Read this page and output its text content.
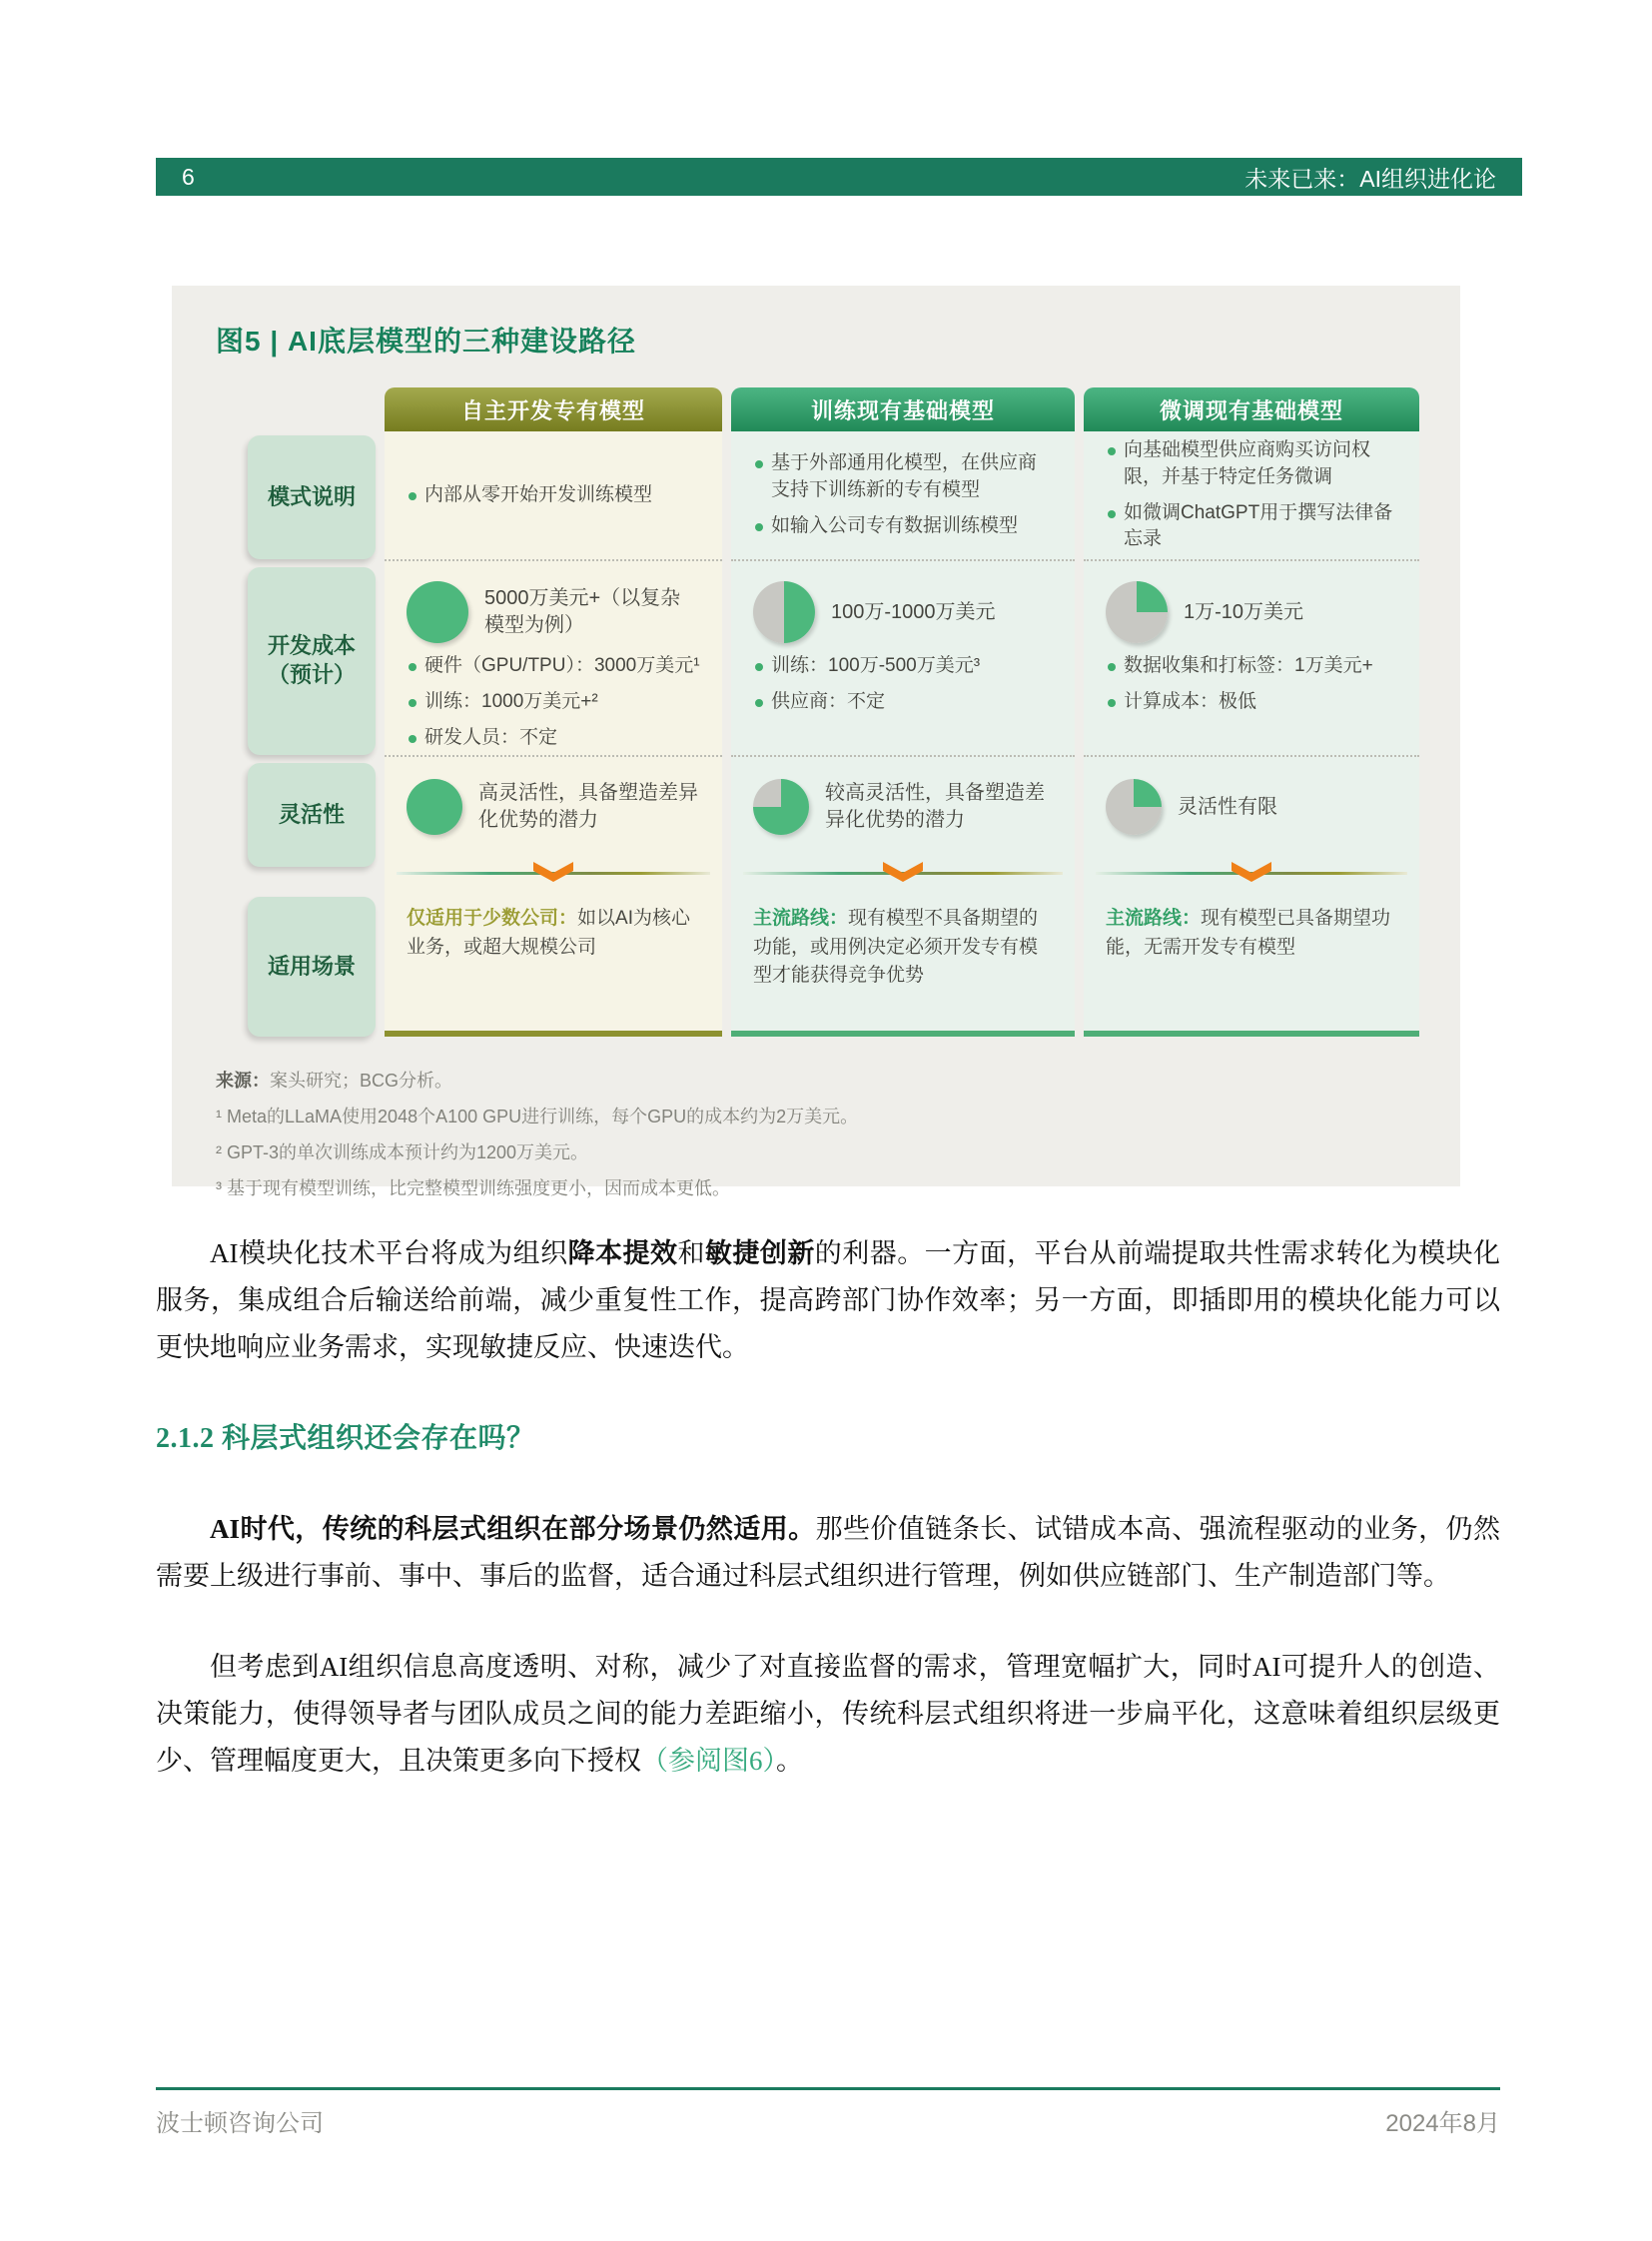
6	未来已来：AI组织进化论
图5 | AI底层模型的三种建设路径
模式说明
开发成本
（预计）
灵活性
适用场景
自主开发专有模型
内部从零开始开发训练模型
5000万美元+（以复杂模型为例）
硬件（GPU/TPU）：3000万美元¹
训练：1000万美元+²
研发人员：不定
高灵活性，具备塑造差异化优势的潜力

仅适用于少数公司：如以AI为核心业务，或超大规模公司

训练现有基础模型
基于外部通用化模型，在供应商支持下训练新的专有模型
如输入公司专有数据训练模型
100万-1000万美元
训练：100万-500万美元³
供应商：不定
较高灵活性，具备塑造差异化优势的潜力

主流路线：现有模型不具备期望的功能，或用例决定必须开发专有模型才能获得竞争优势

微调现有基础模型
向基础模型供应商购买访问权限，并基于特定任务微调
如微调ChatGPT用于撰写法律备忘录
1万-10万美元
数据收集和打标签：1万美元+
计算成本：极低
灵活性有限

主流路线：现有模型已具备期望功能，无需开发专有模型

来源：案头研究；BCG分析。
¹ Meta的LLaMA使用2048个A100 GPU进行训练，每个GPU的成本约为2万美元。
² GPT-3的单次训练成本预计约为1200万美元。
³ 基于现有模型训练，比完整模型训练强度更小，因而成本更低。

AI模块化技术平台将成为组织降本提效和敏捷创新的利器。一方面，平台从前端提取共性需求转化为模块化服务，集成组合后输送给前端，减少重复性工作，提高跨部门协作效率；另一方面，即插即用的模块化能力可以更快地响应业务需求，实现敏捷反应、快速迭代。

2.1.2 科层式组织还会存在吗？

AI时代，传统的科层式组织在部分场景仍然适用。那些价值链条长、试错成本高、强流程驱动的业务，仍然需要上级进行事前、事中、事后的监督，适合通过科层式组织进行管理，例如供应链部门、生产制造部门等。

但考虑到AI组织信息高度透明、对称，减少了对直接监督的需求，管理宽幅扩大，同时AI可提升人的创造、决策能力，使得领导者与团队成员之间的能力差距缩小，传统科层式组织将进一步扁平化，这意味着组织层级更少、管理幅度更大，且决策更多向下授权（参阅图6）。

波士顿咨询公司	2024年8月
